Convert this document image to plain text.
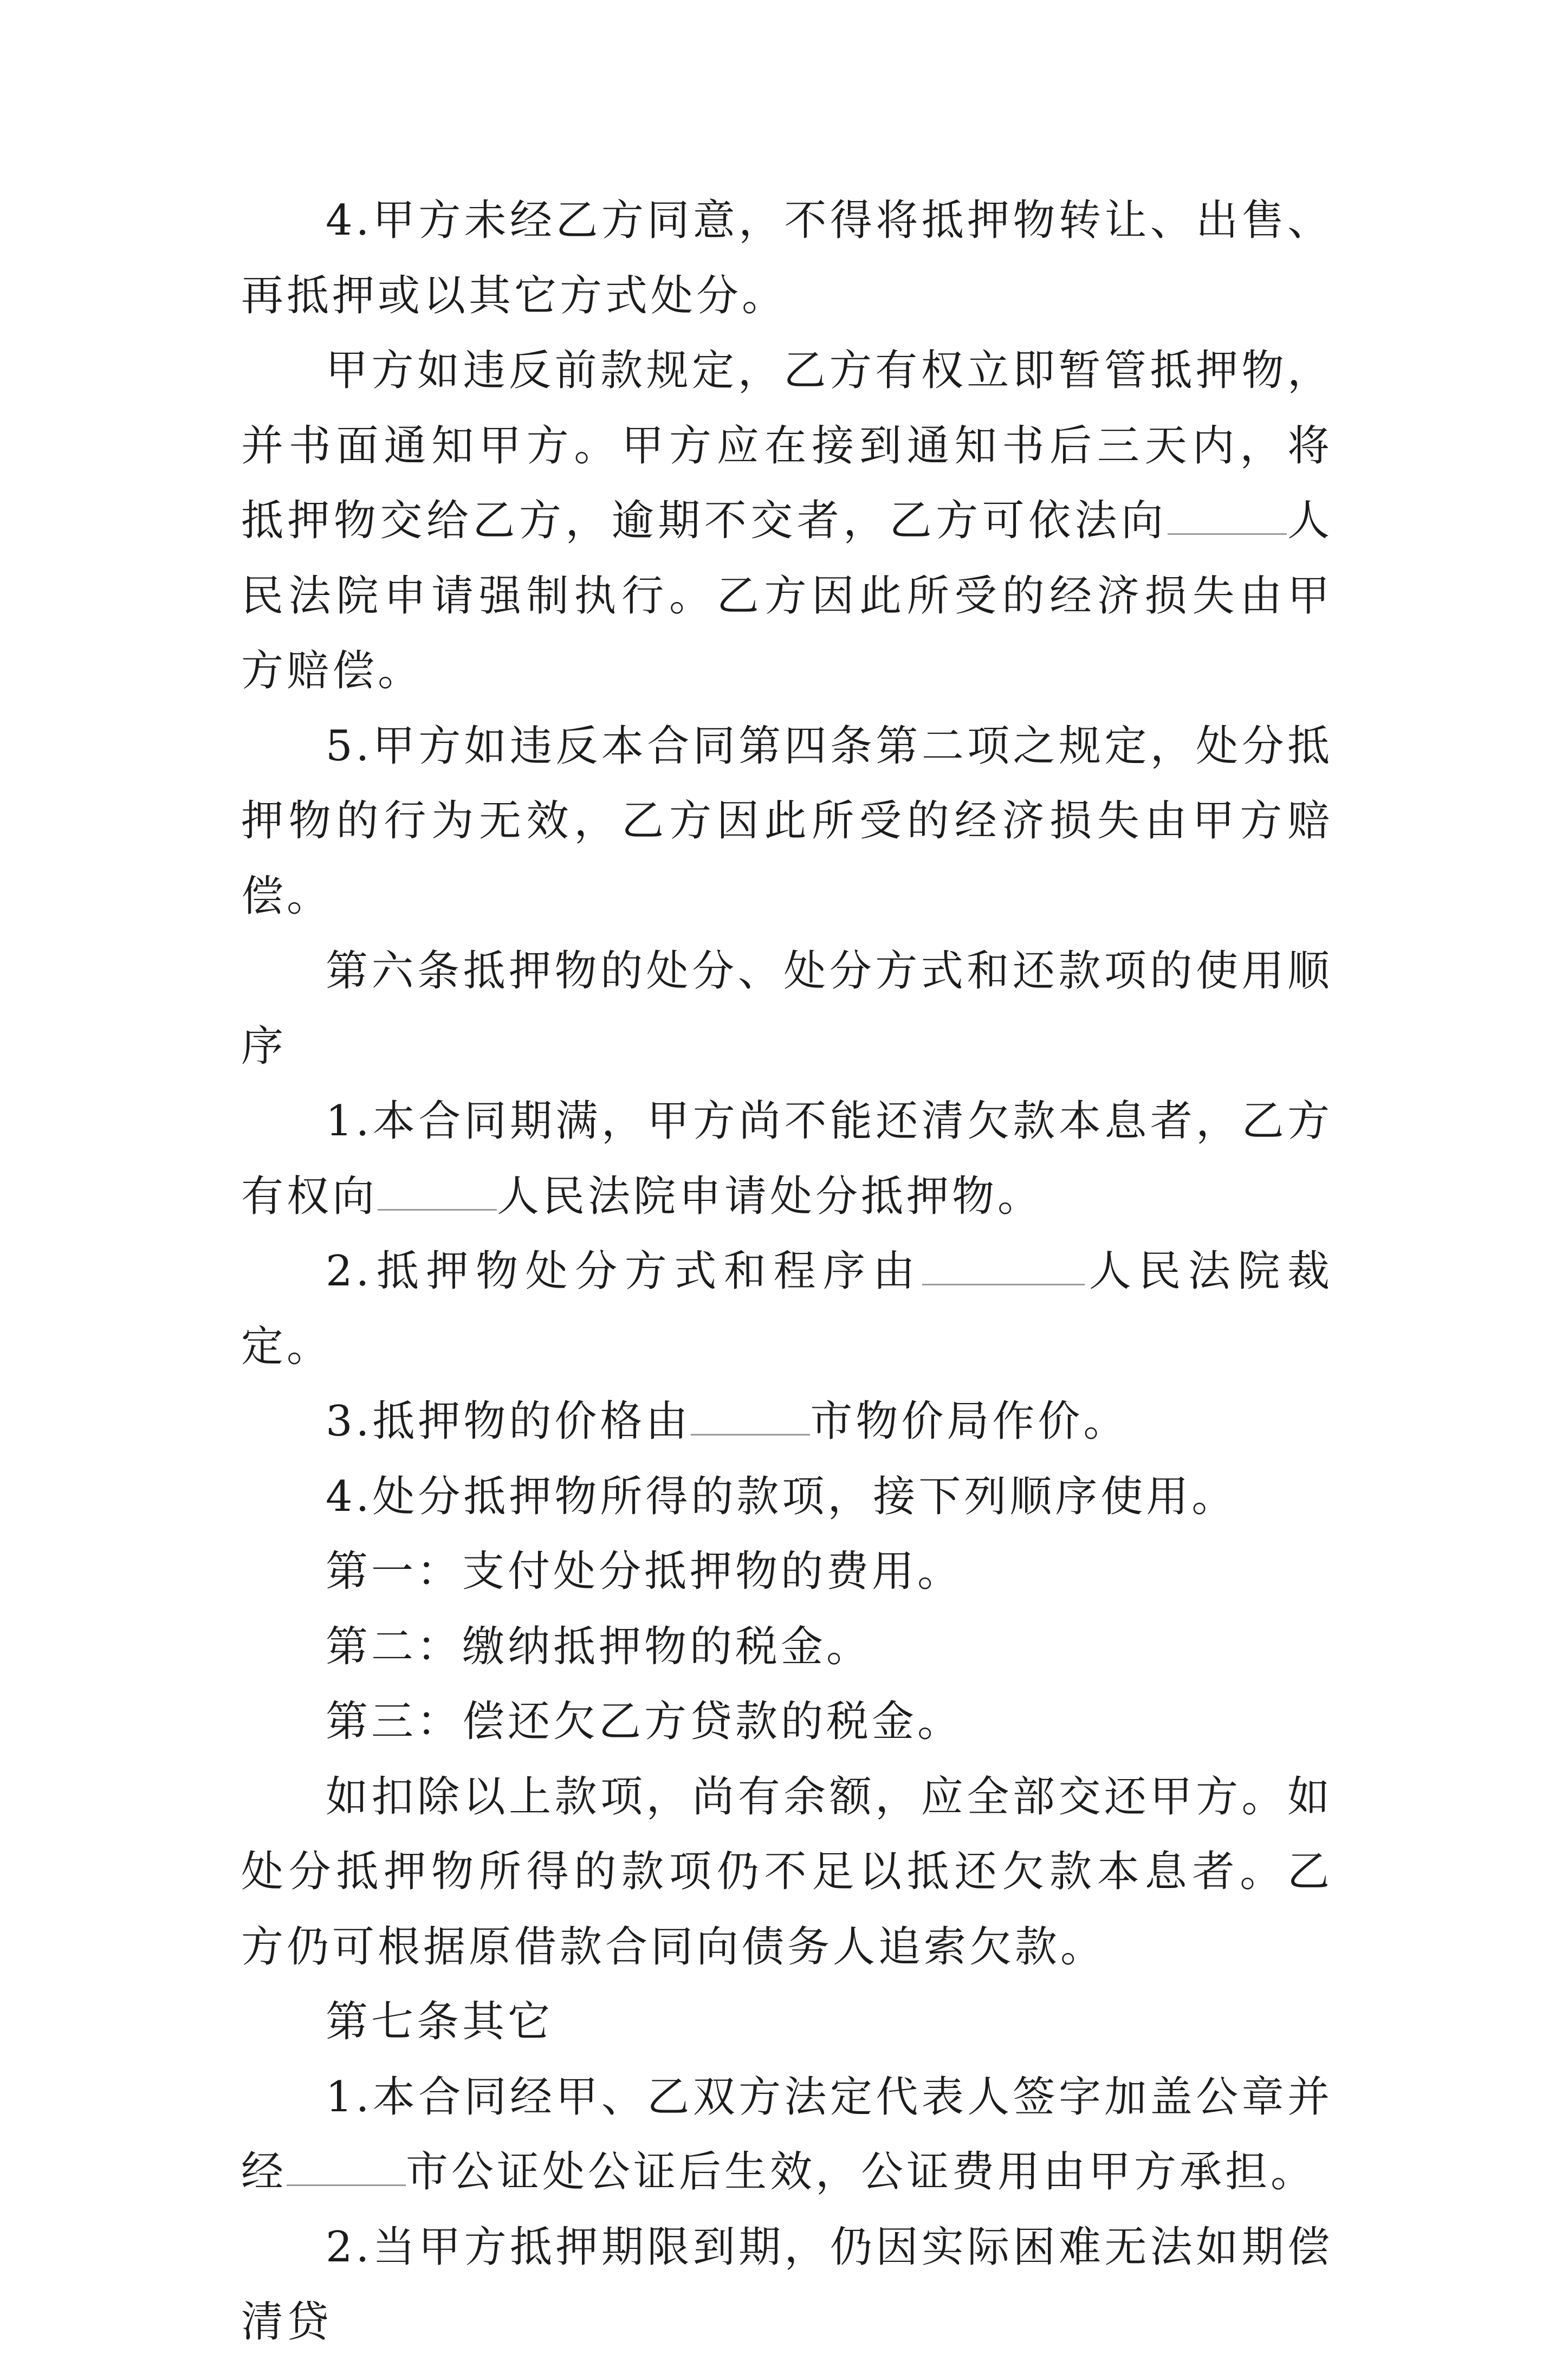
4.甲方未经乙方同意，不得将抵押物转让、出售、再抵押或以其它方式处分。

甲方如违反前款规定，乙方有权立即暂管抵押物，并书面通知甲方。甲方应在接到通知书后三天内，将抵押物交给乙方，逾期不交者，乙方可依法向	人民法院申请强制执行。乙方因此所受的经济损失由甲方赔偿。

5.甲方如违反本合同第四条第二项之规定，处分抵押物的行为无效，乙方因此所受的经济损失由甲方赔偿。

第六条抵押物的处分、处分方式和还款项的使用顺序

1.本合同期满，甲方尚不能还清欠款本息者，乙方有权向	人民法院申请处分抵押物。

2.抵押物处分方式和程序由	人民法院裁定。

3.抵押物的价格由	市物价局作价。

4.处分抵押物所得的款项，接下列顺序使用。

第一：支付处分抵押物的费用。

第二：缴纳抵押物的税金。

第三：偿还欠乙方贷款的税金。

如扣除以上款项，尚有余额，应全部交还甲方。如处分抵押物所得的款项仍不足以抵还欠款本息者。乙方仍可根据原借款合同向债务人追索欠款。

第七条其它

1.本合同经甲、乙双方法定代表人签字加盖公章并经	市公证处公证后生效，公证费用由甲方承担。

2.当甲方抵押期限到期，仍因实际困难无法如期偿清贷
